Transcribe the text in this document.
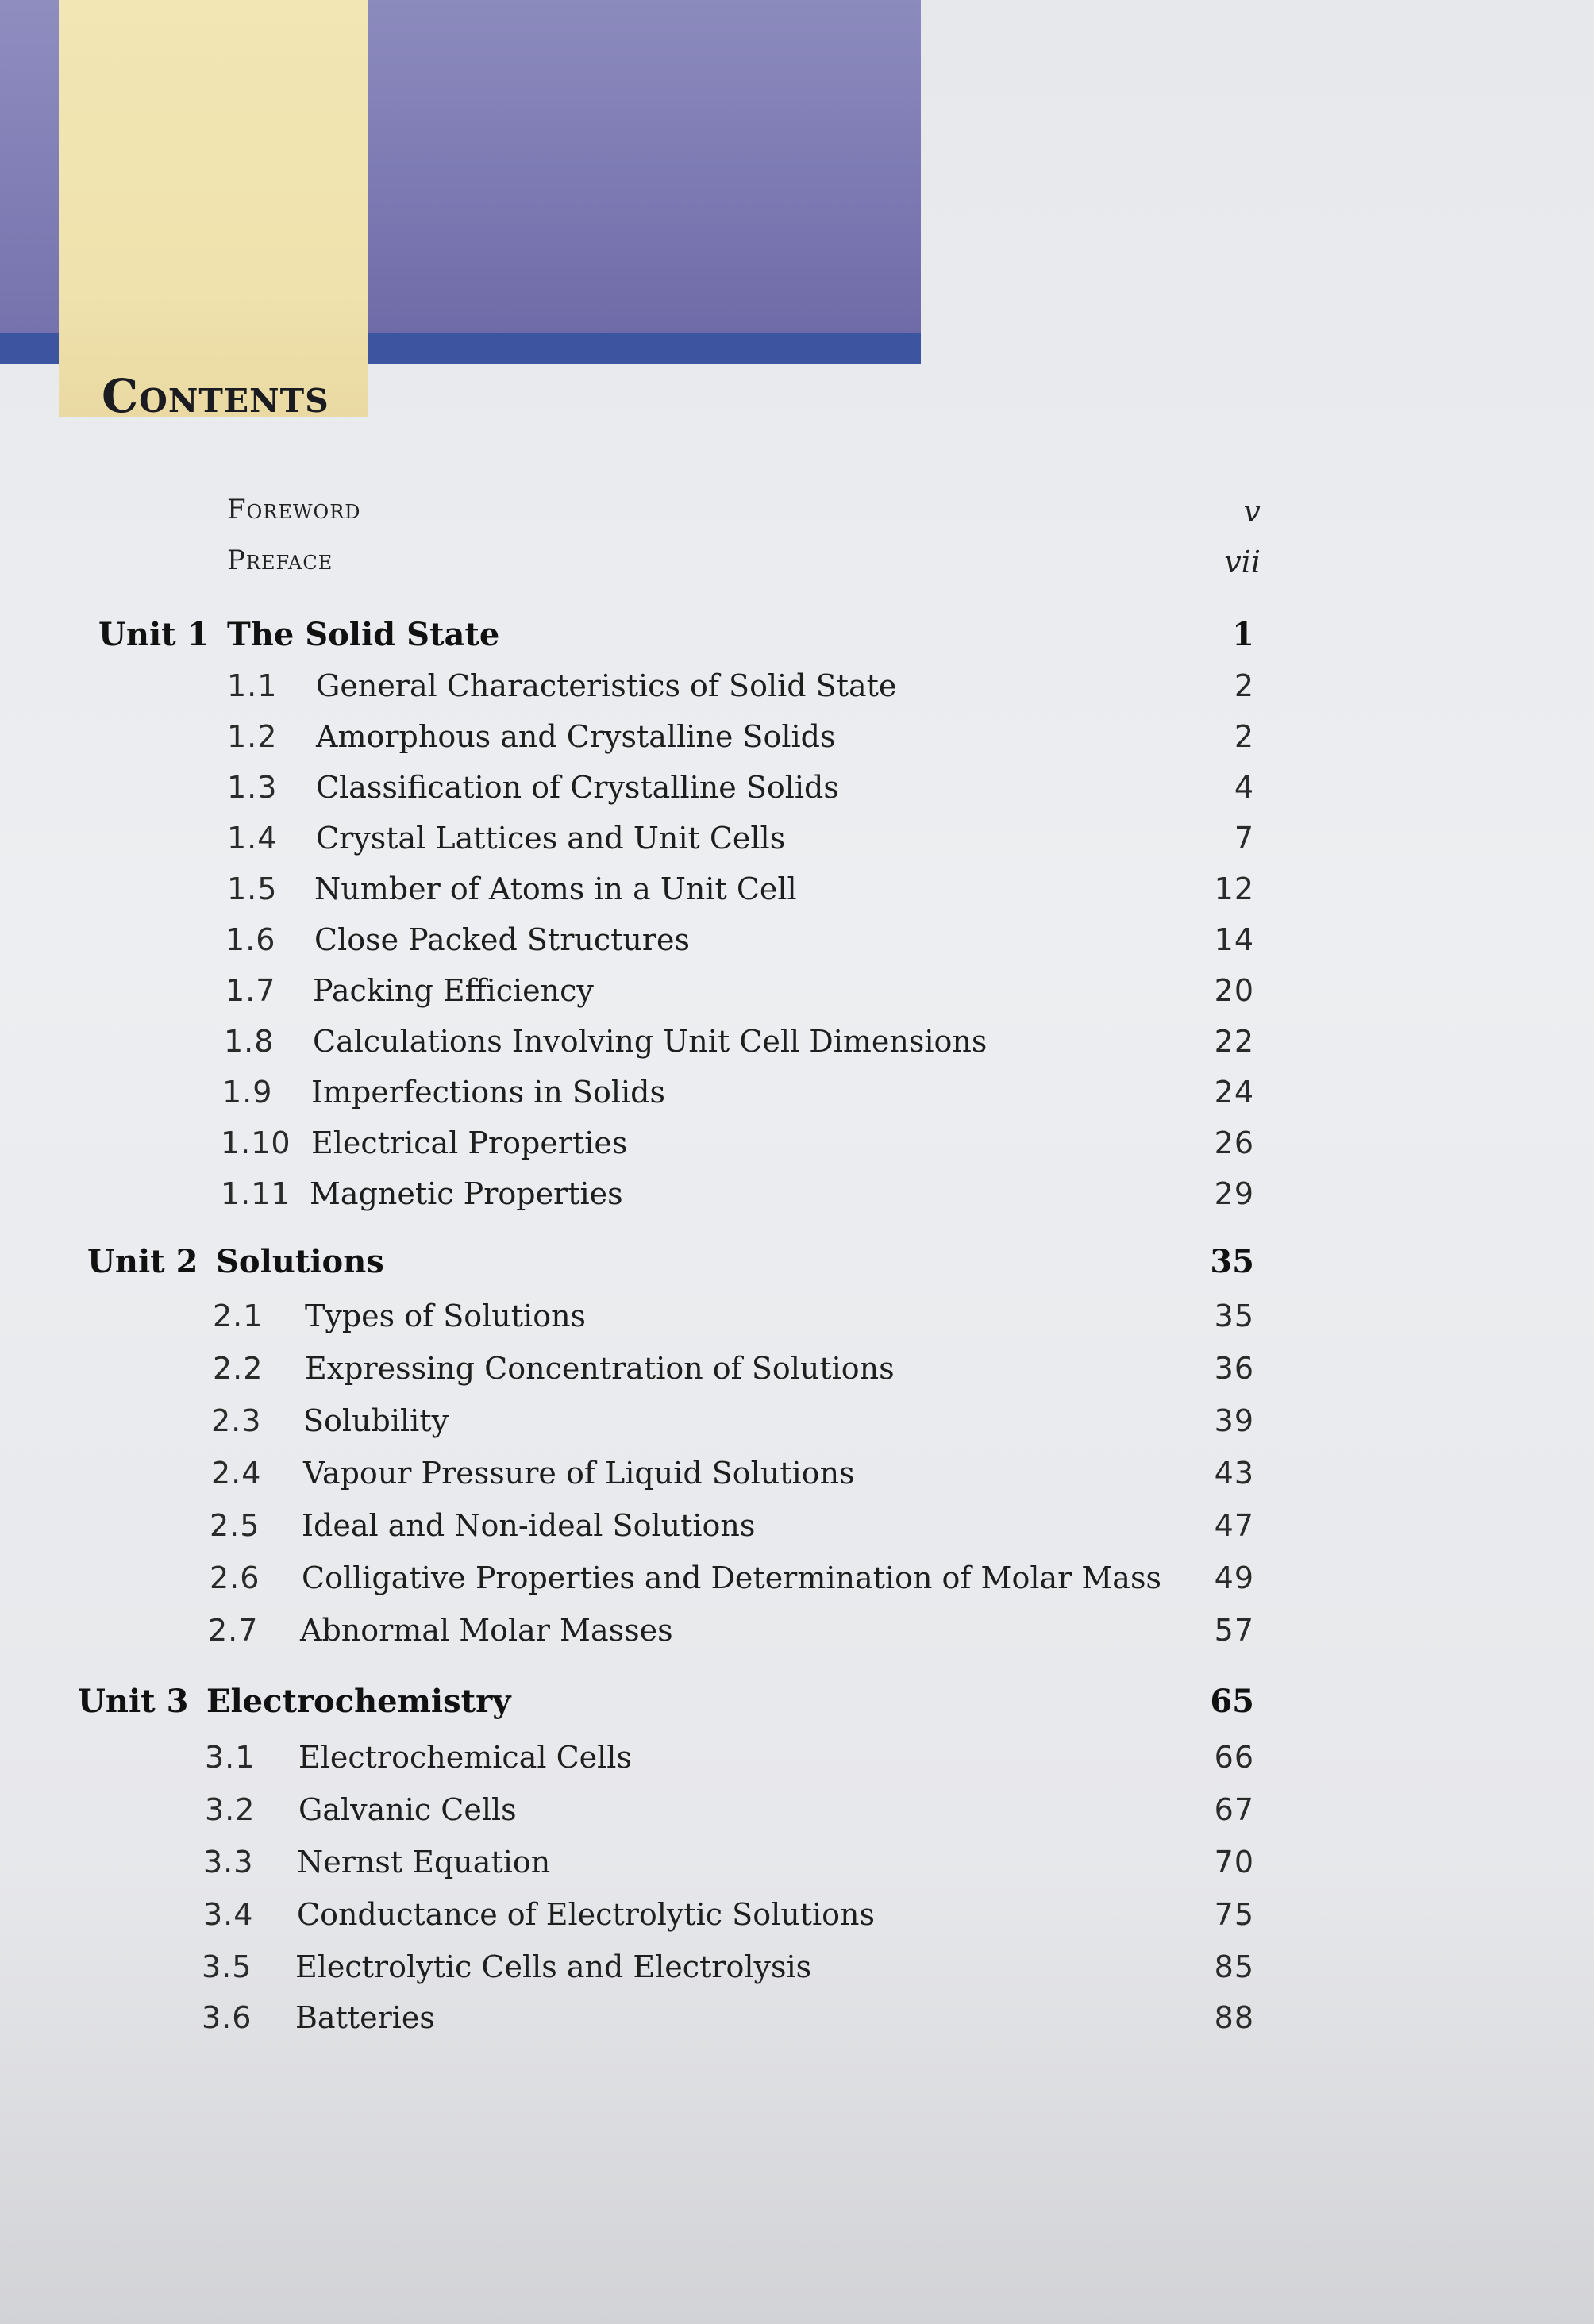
Contents
Foreword	v
Preface	vii
Unit 1 The Solid State	1
1.1 General Characteristics of Solid State	2
1.2 Amorphous and Crystalline Solids	2
1.3 Classification of Crystalline Solids	4
1.4 Crystal Lattices and Unit Cells	7
1.5 Number of Atoms in a Unit Cell	12
1.6 Close Packed Structures	14
1.7 Packing Efficiency	20
1.8 Calculations Involving Unit Cell Dimensions	22
1.9 Imperfections in Solids	24
1.10 Electrical Properties	26
1.11 Magnetic Properties	29
Unit 2 Solutions	35
2.1 Types of Solutions	35
2.2 Expressing Concentration of Solutions	36
2.3 Solubility	39
2.4 Vapour Pressure of Liquid Solutions	43
2.5 Ideal and Non-ideal Solutions	47
2.6 Colligative Properties and Determination of Molar Mass	49
2.7 Abnormal Molar Masses	57
Unit 3 Electrochemistry	65
3.1 Electrochemical Cells	66
3.2 Galvanic Cells	67
3.3 Nernst Equation	70
3.4 Conductance of Electrolytic Solutions	75
3.5 Electrolytic Cells and Electrolysis	85
3.6 Batteries	88
